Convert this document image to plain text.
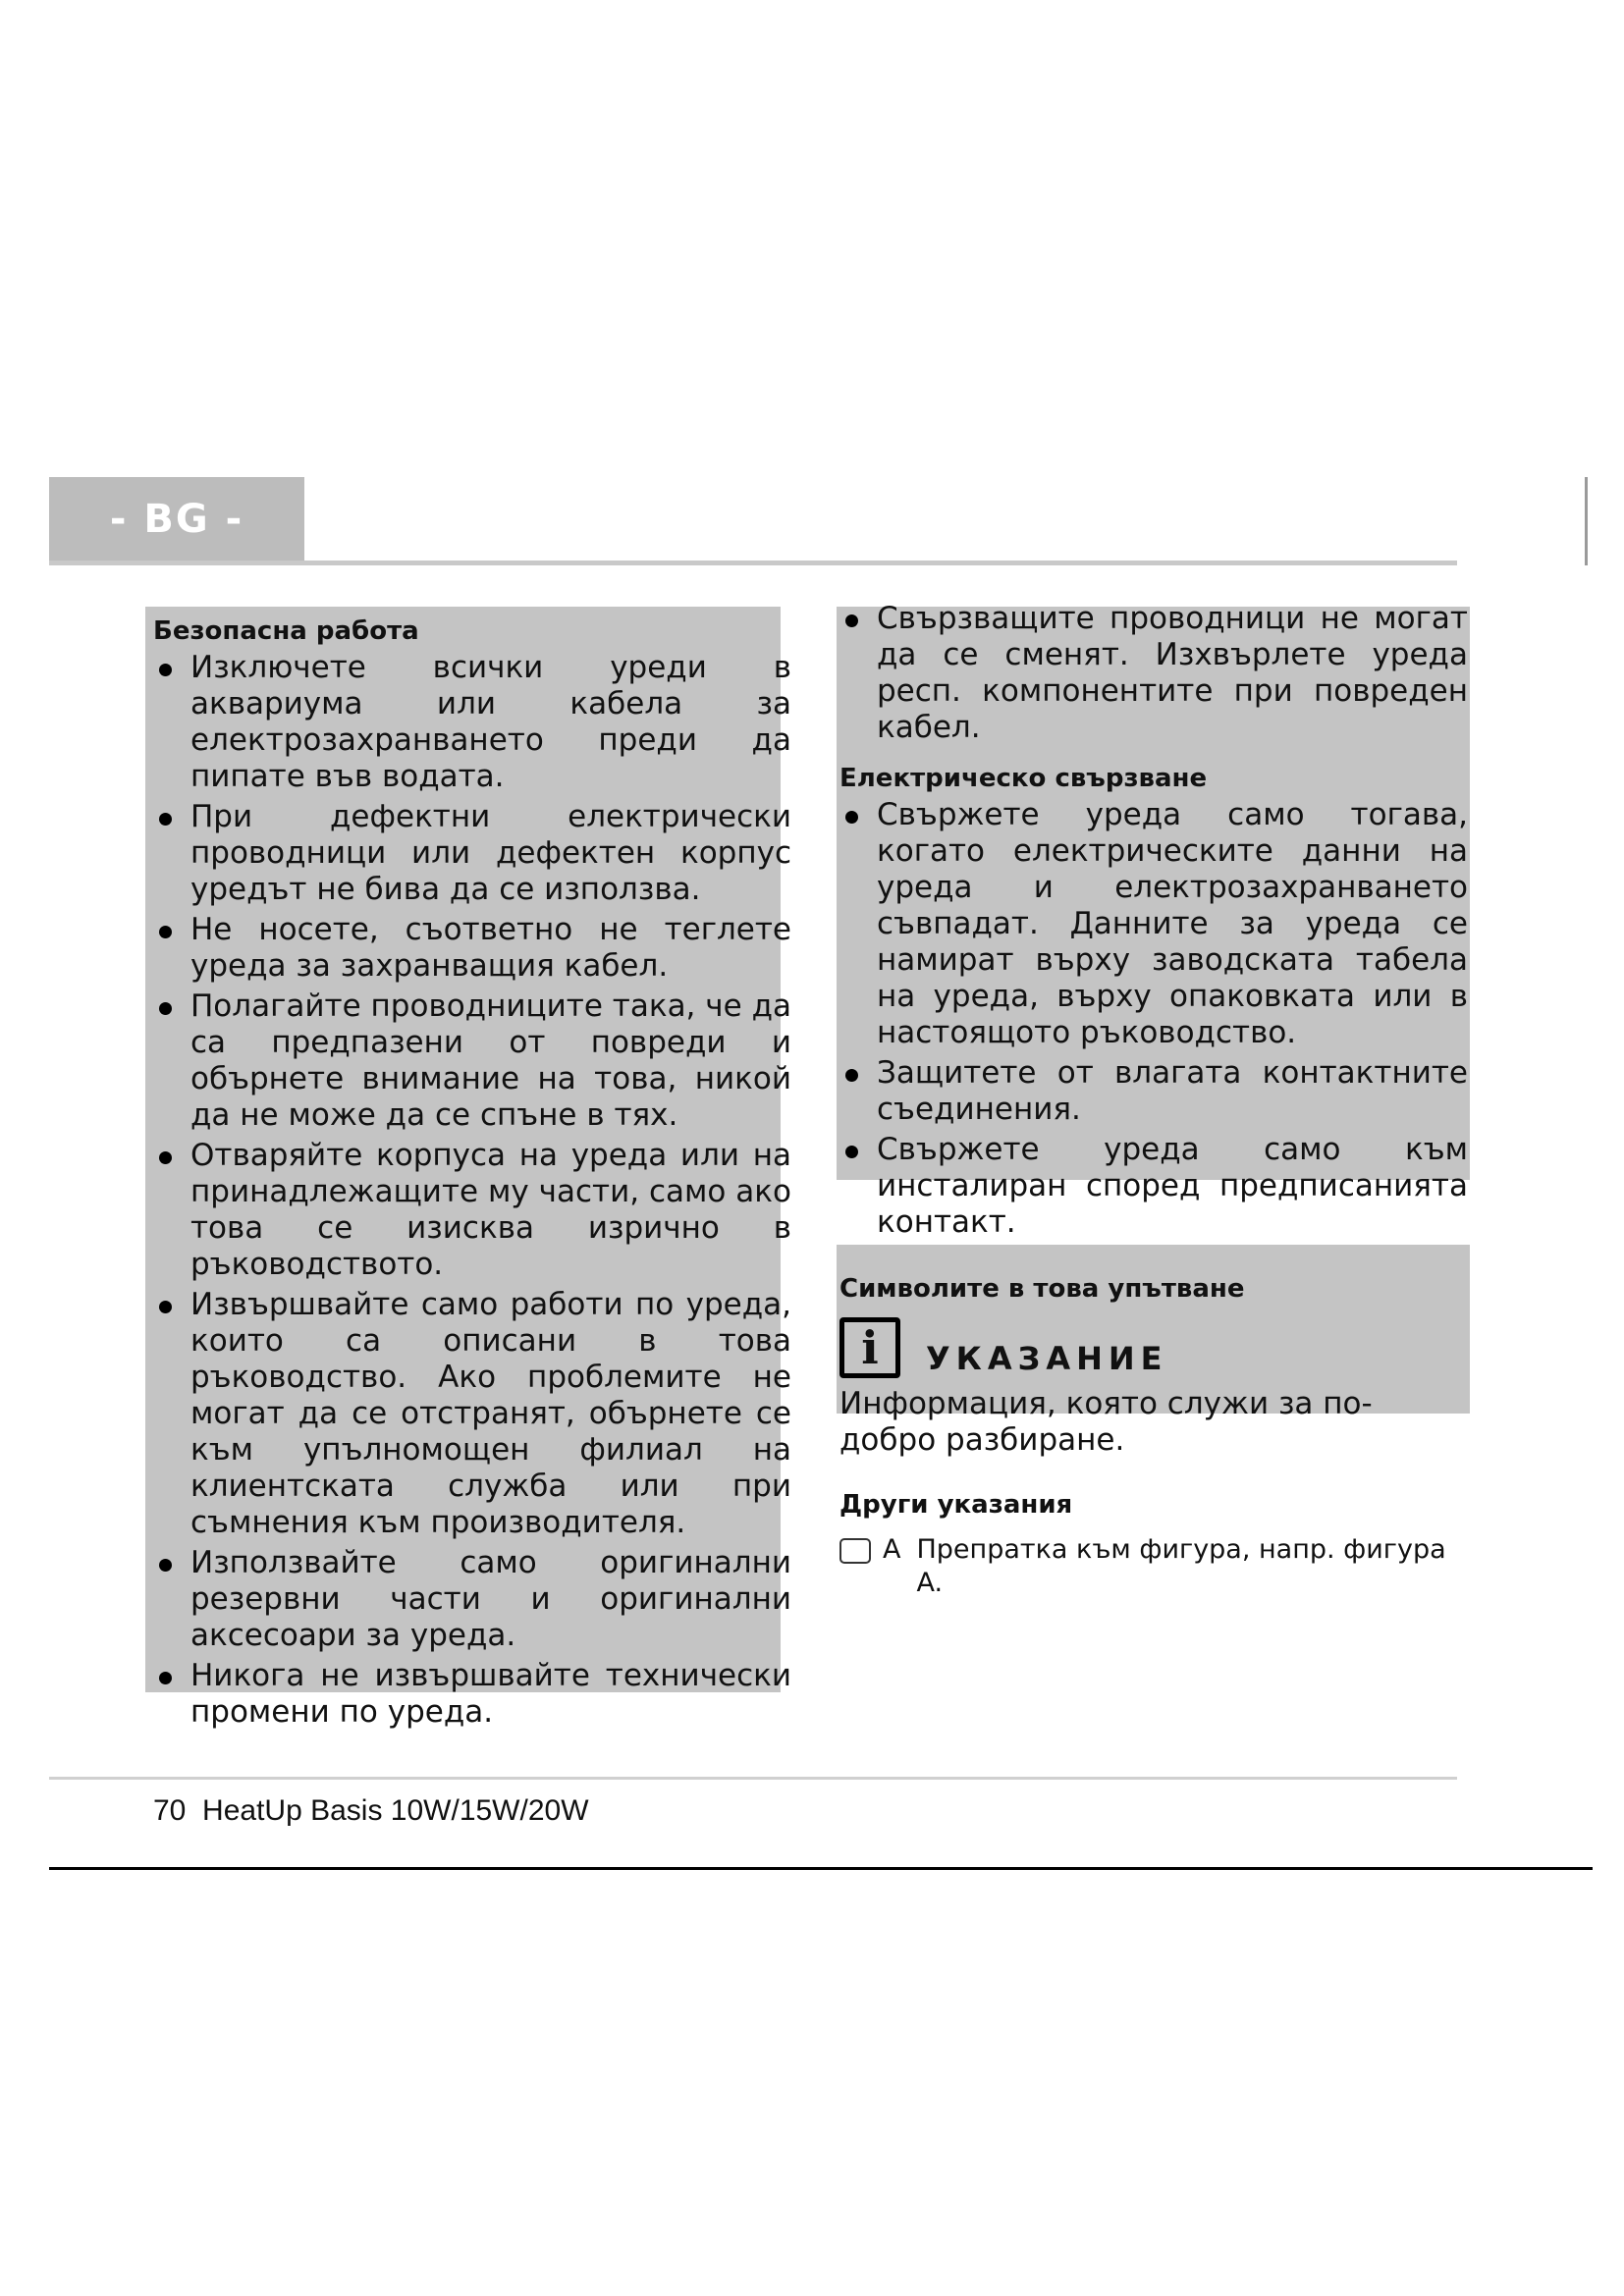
- BG -
Безопасна работа
Изключете всички уреди в аквариума или кабела за електрозахранването преди да пипате във водата.
При дефектни електрически проводници или дефектен корпус уредът не бива да се използва.
Не носете, съответно не теглете уреда за захранващия кабел.
Полагайте проводниците така, че да са предпазени от повреди и обърнете внимание на това, никой да не може да се спъне в тях.
Отваряйте корпуса на уреда или на принадлежащите му части, само ако това се изисква изрично в ръководството.
Извършвайте само работи по уреда, които са описани в това ръководство. Ако проблемите не могат да се отстранят, обърнете се към упълномощен филиал на клиентската служба или при съмнения към производителя.
Използвайте само оригинални резервни части и оригинални аксесоари за уреда.
Никога не извършвайте технически промени по уреда.
Свързващите проводници не могат да се сменят. Изхвърлете уреда респ. компонентите при повреден кабел.
Електрическо свързване
Свържете уреда само тогава, когато електрическите данни на уреда и електрозахранването съвпадат. Данните за уреда се намират върху заводската табела на уреда, върху опаковката или в настоящото ръководство.
Защитете от влагата контактните съединения.
Свържете уреда само към инсталиран според предписанията контакт.
Символите в това упътване
i	УКАЗАНИЕ
Информация, която служи за по-добро разбиране.
Други указания
A Препратка към фигура, напр. фигура A.
70 HeatUp Basis 10W/15W/20W
